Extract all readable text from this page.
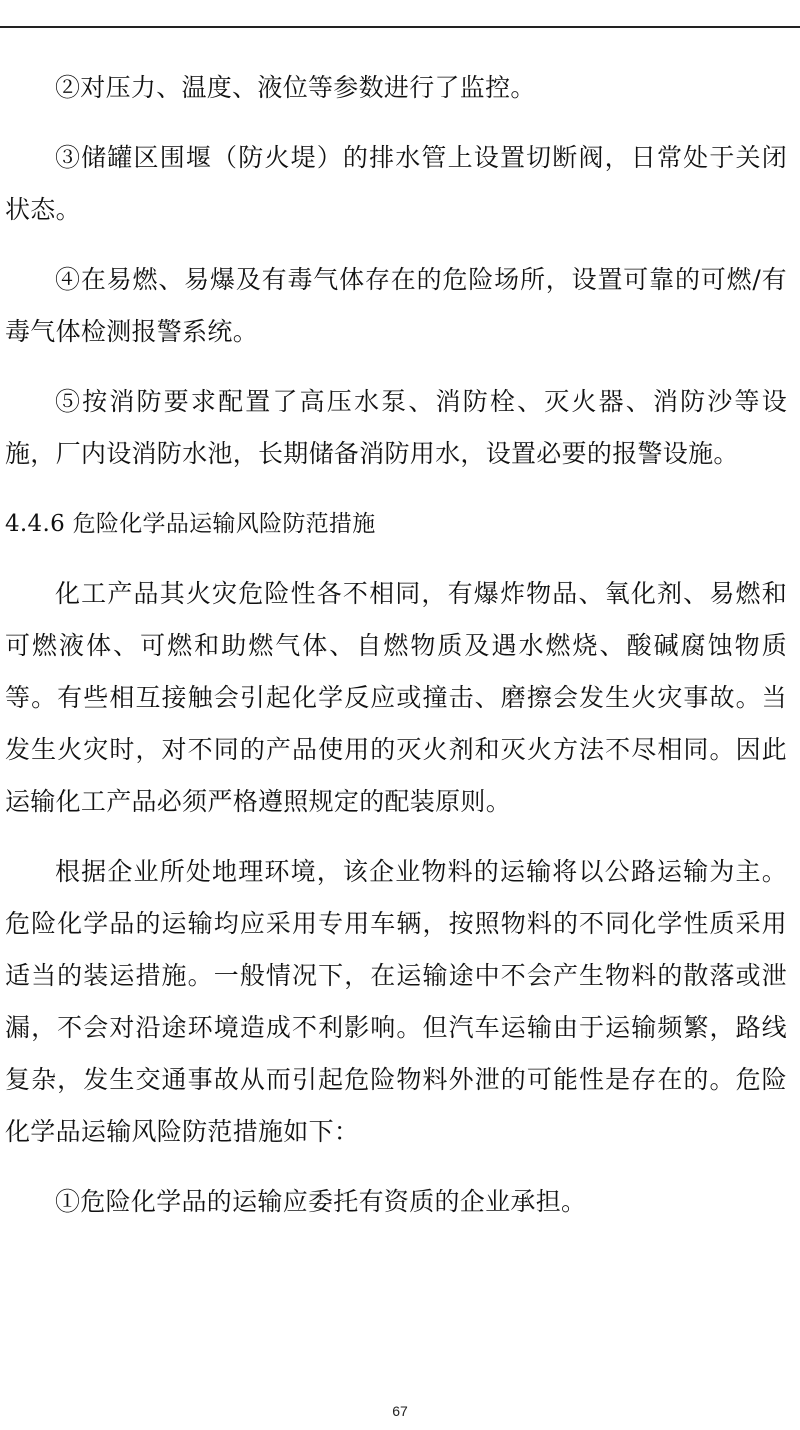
②对压力、温度、液位等参数进行了监控。

③储罐区围堰（防火堤）的排水管上设置切断阀，日常处于关闭状态。

④在易燃、易爆及有毒气体存在的危险场所，设置可靠的可燃/有毒气体检测报警系统。

⑤按消防要求配置了高压水泵、消防栓、灭火器、消防沙等设施，厂内设消防水池，长期储备消防用水，设置必要的报警设施。

4.4.6 危险化学品运输风险防范措施

化工产品其火灾危险性各不相同，有爆炸物品、氧化剂、易燃和可燃液体、可燃和助燃气体、自燃物质及遇水燃烧、酸碱腐蚀物质等。有些相互接触会引起化学反应或撞击、磨擦会发生火灾事故。当发生火灾时，对不同的产品使用的灭火剂和灭火方法不尽相同。因此运输化工产品必须严格遵照规定的配装原则。

根据企业所处地理环境，该企业物料的运输将以公路运输为主。危险化学品的运输均应采用专用车辆，按照物料的不同化学性质采用适当的装运措施。一般情况下，在运输途中不会产生物料的散落或泄漏，不会对沿途环境造成不利影响。但汽车运输由于运输频繁，路线复杂，发生交通事故从而引起危险物料外泄的可能性是存在的。危险化学品运输风险防范措施如下：

①危险化学品的运输应委托有资质的企业承担。

67
